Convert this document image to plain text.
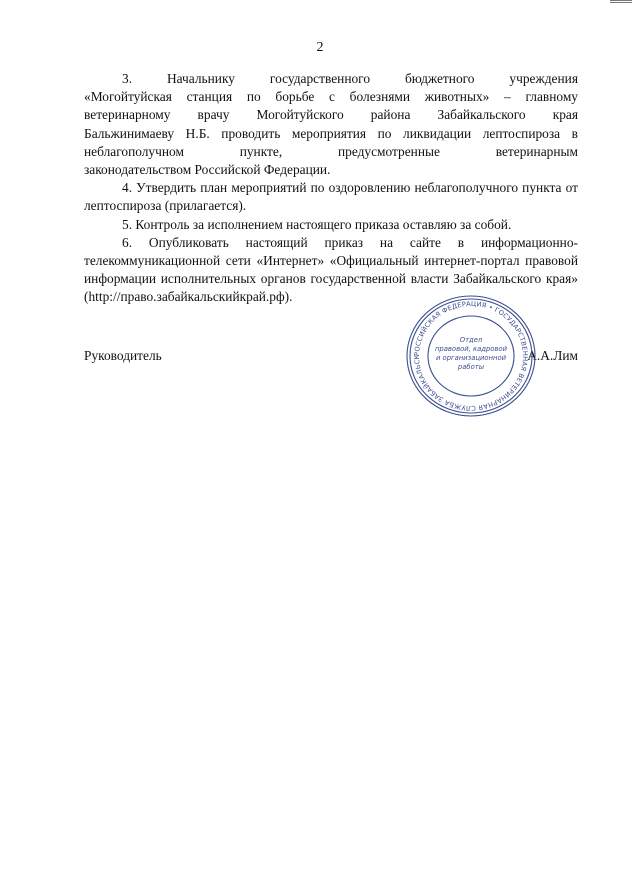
2
3. Начальнику государственного бюджетного учреждения
«Могойтуйская станция по борьбе с болезнями животных» – главному
ветеринарному врачу Могойтуйского района Забайкальского края
Бальжинимаеву Н.Б. проводить мероприятия по ликвидации лептоспироза в
неблагополучном пункте, предусмотренные ветеринарным
законодательством Российской Федерации.

4. Утвердить план мероприятий по оздоровлению неблагополучного пункта от лептоспироза (прилагается).

5. Контроль за исполнением настоящего приказа оставляю за собой.

6. Опубликовать настоящий приказ на сайте в информационно-телекоммуникационной сети «Интернет» «Официальный интернет-портал правовой информации исполнительных органов государственной власти Забайкальского края» (http://право.забайкальскийкрай.рф).

Руководитель	А.А.Лим
РОССИЙСКАЯ ФЕДЕРАЦИЯ • ГОСУДАРСТВЕННАЯ ВЕТЕРИНАРНАЯ СЛУЖБА ЗАБАЙКАЛЬСК
Отдел
правовой, кадровой
и организационной
работы
